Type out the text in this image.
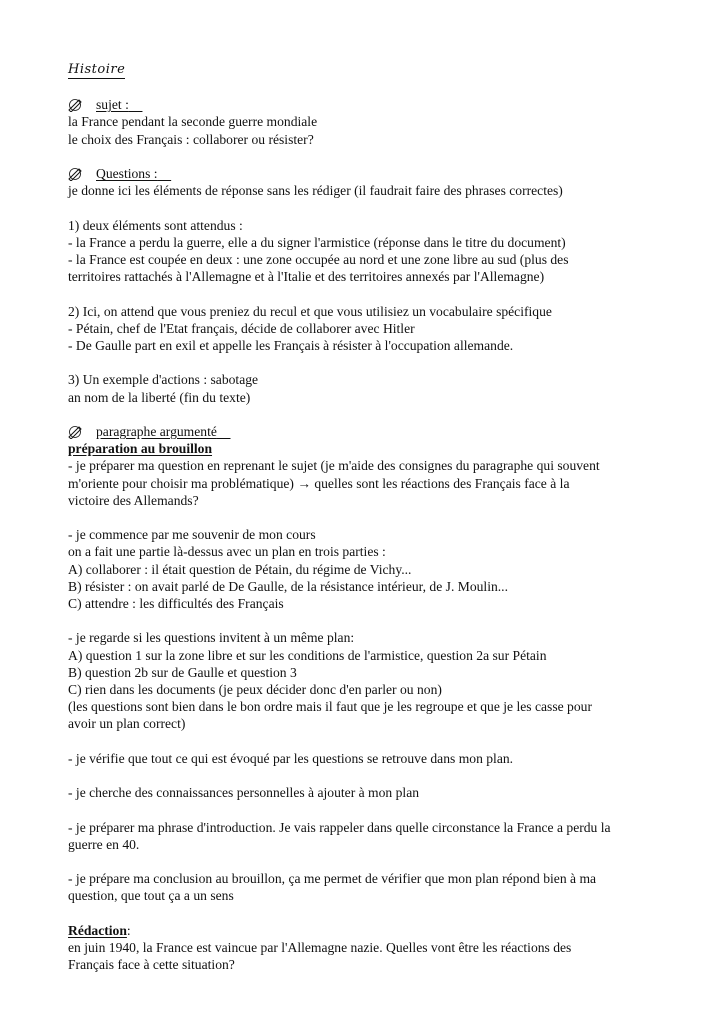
Histoire
sujet :

la France pendant la seconde guerre mondiale
le choix des Français : collaborer ou résister?
Questions :

je donne ici les éléments de réponse sans les rédiger (il faudrait faire des phrases correctes)
1) deux éléments sont attendus :
- la France a perdu la guerre, elle a du signer l'armistice (réponse dans le titre du document)
- la France est coupée en deux : une zone occupée au nord et une zone libre au sud (plus des
territoires rattachés à l'Allemagne et à l'Italie et des territoires annexés par l'Allemagne)
2) Ici, on attend que vous preniez du recul et que vous utilisiez un vocabulaire spécifique
- Pétain, chef de l'Etat français, décide de collaborer avec Hitler
- De Gaulle part en exil et appelle les Français à résister à l'occupation allemande.
3) Un exemple d'actions : sabotage
an nom de la liberté (fin du texte)
paragraphe argumenté

préparation au brouillon
- je préparer ma question en reprenant le sujet (je m'aide des consignes du paragraphe qui souvent
m'oriente pour choisir ma problématique) → quelles sont les réactions des Français face à la
victoire des Allemands?
- je commence par me souvenir de mon cours
on a fait une partie là-dessus avec un plan en trois parties :
A) collaborer : il était question de Pétain, du régime de Vichy...
B) résister : on avait parlé de De Gaulle, de la résistance intérieur, de J. Moulin...
C) attendre : les difficultés des Français
- je regarde si les questions invitent à un même plan:
A) question 1 sur la zone libre et sur les conditions de l'armistice, question 2a sur Pétain
B) question 2b sur de Gaulle et question 3
C) rien dans les documents (je peux décider donc d'en parler ou non)
(les questions sont bien dans le bon ordre mais il faut que je les regroupe et que je les casse pour
avoir un plan correct)
- je vérifie que tout ce qui est évoqué par les questions se retrouve dans mon plan.
- je cherche des connaissances personnelles à ajouter à mon plan
- je préparer ma phrase d'introduction. Je vais rappeler dans quelle circonstance la France a perdu la
guerre en 40.
- je prépare ma conclusion au brouillon, ça me permet de vérifier que mon plan répond bien à ma
question, que tout ça a un sens
Rédaction:
en juin 1940, la France est vaincue par l'Allemagne nazie. Quelles vont être les réactions des
Français face à cette situation?
